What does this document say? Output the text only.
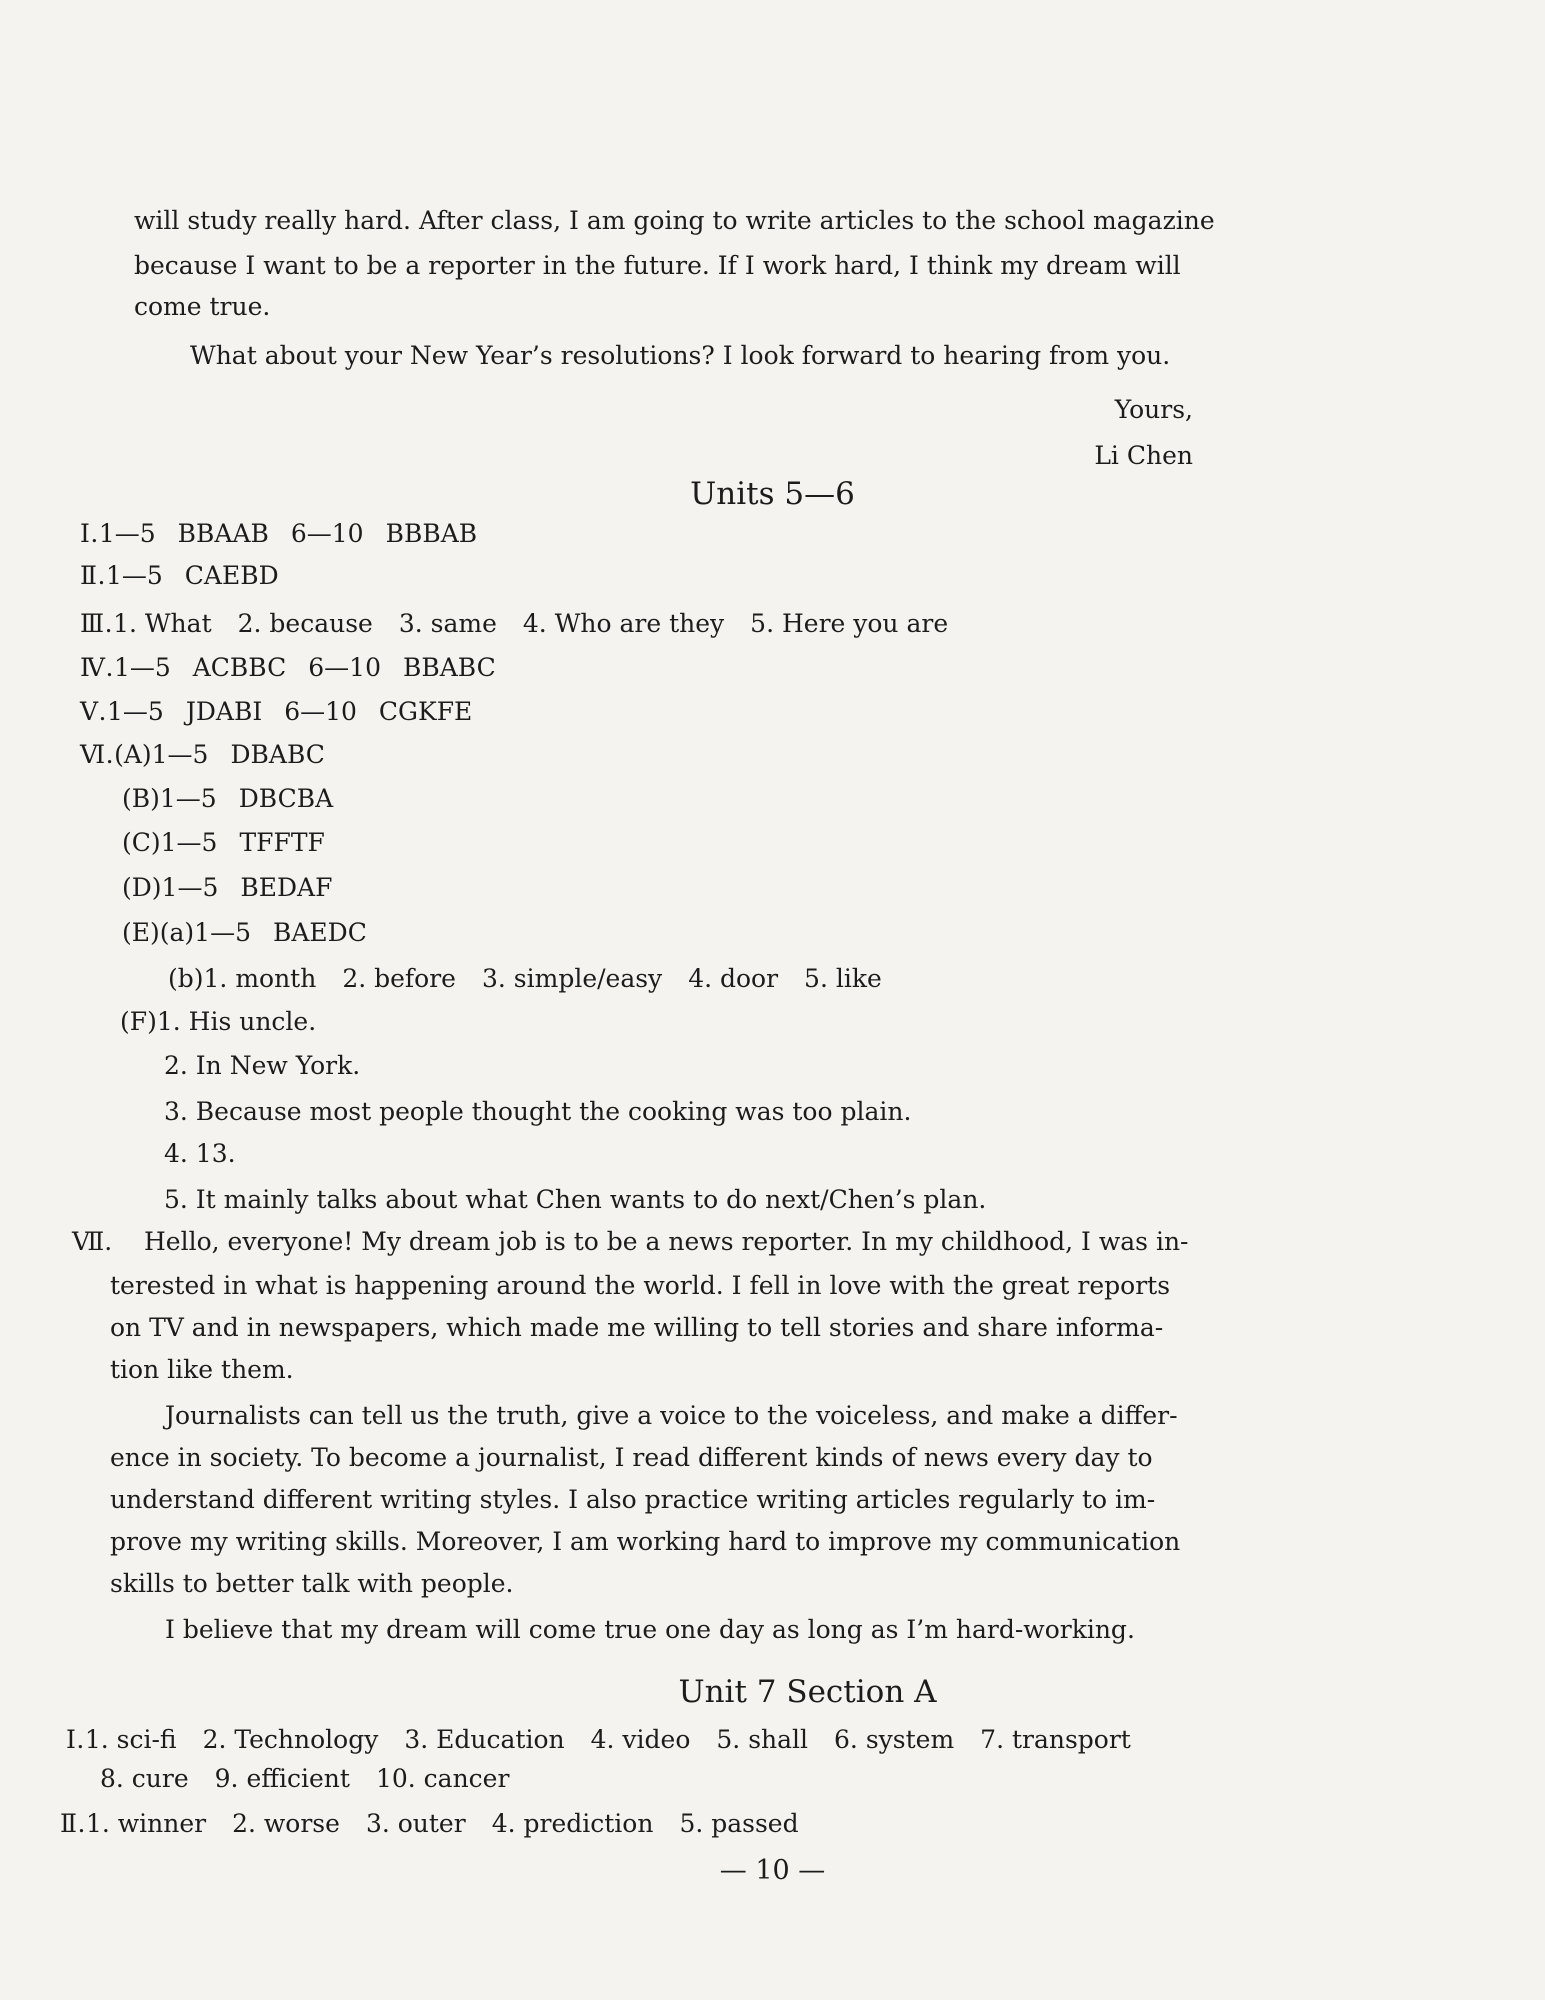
will study really hard. After class, I am going to write articles to the school magazine
because I want to be a reporter in the future. If I work hard, I think my dream will
come true.
What about your New Year’s resolutions? I look forward to hearing from you.
Yours,
Li Chen
Units 5—6
Ⅰ.1—5 BBAAB 6—10 BBBAB
Ⅱ.1—5 CAEBD
Ⅲ.1. What 2. because 3. same 4. Who are they 5. Here you are
Ⅳ.1—5 ACBBC 6—10 BBABC
Ⅴ.1—5 JDABI 6—10 CGKFE
Ⅵ.(A)1—5 DBABC
(B)1—5 DBCBA
(C)1—5 TFFTF
(D)1—5 BEDAF
(E)(a)1—5 BAEDC
(b)1. month 2. before 3. simple/easy 4. door 5. like
(F)1. His uncle.
2. In New York.
3. Because most people thought the cooking was too plain.
4. 13.
5. It mainly talks about what Chen wants to do next/Chen’s plan.
Ⅶ. Hello, everyone! My dream job is to be a news reporter. In my childhood, I was in-
terested in what is happening around the world. I fell in love with the great reports
on TV and in newspapers, which made me willing to tell stories and share informa-
tion like them.
Journalists can tell us the truth, give a voice to the voiceless, and make a differ-
ence in society. To become a journalist, I read different kinds of news every day to
understand different writing styles. I also practice writing articles regularly to im-
prove my writing skills. Moreover, I am working hard to improve my communication
skills to better talk with people.
I believe that my dream will come true one day as long as I’m hard-working.
Unit 7 Section A
Ⅰ.1. sci-fi 2. Technology 3. Education 4. video 5. shall 6. system 7. transport
8. cure 9. efficient 10. cancer
Ⅱ.1. winner 2. worse 3. outer 4. prediction 5. passed
— 10 —
